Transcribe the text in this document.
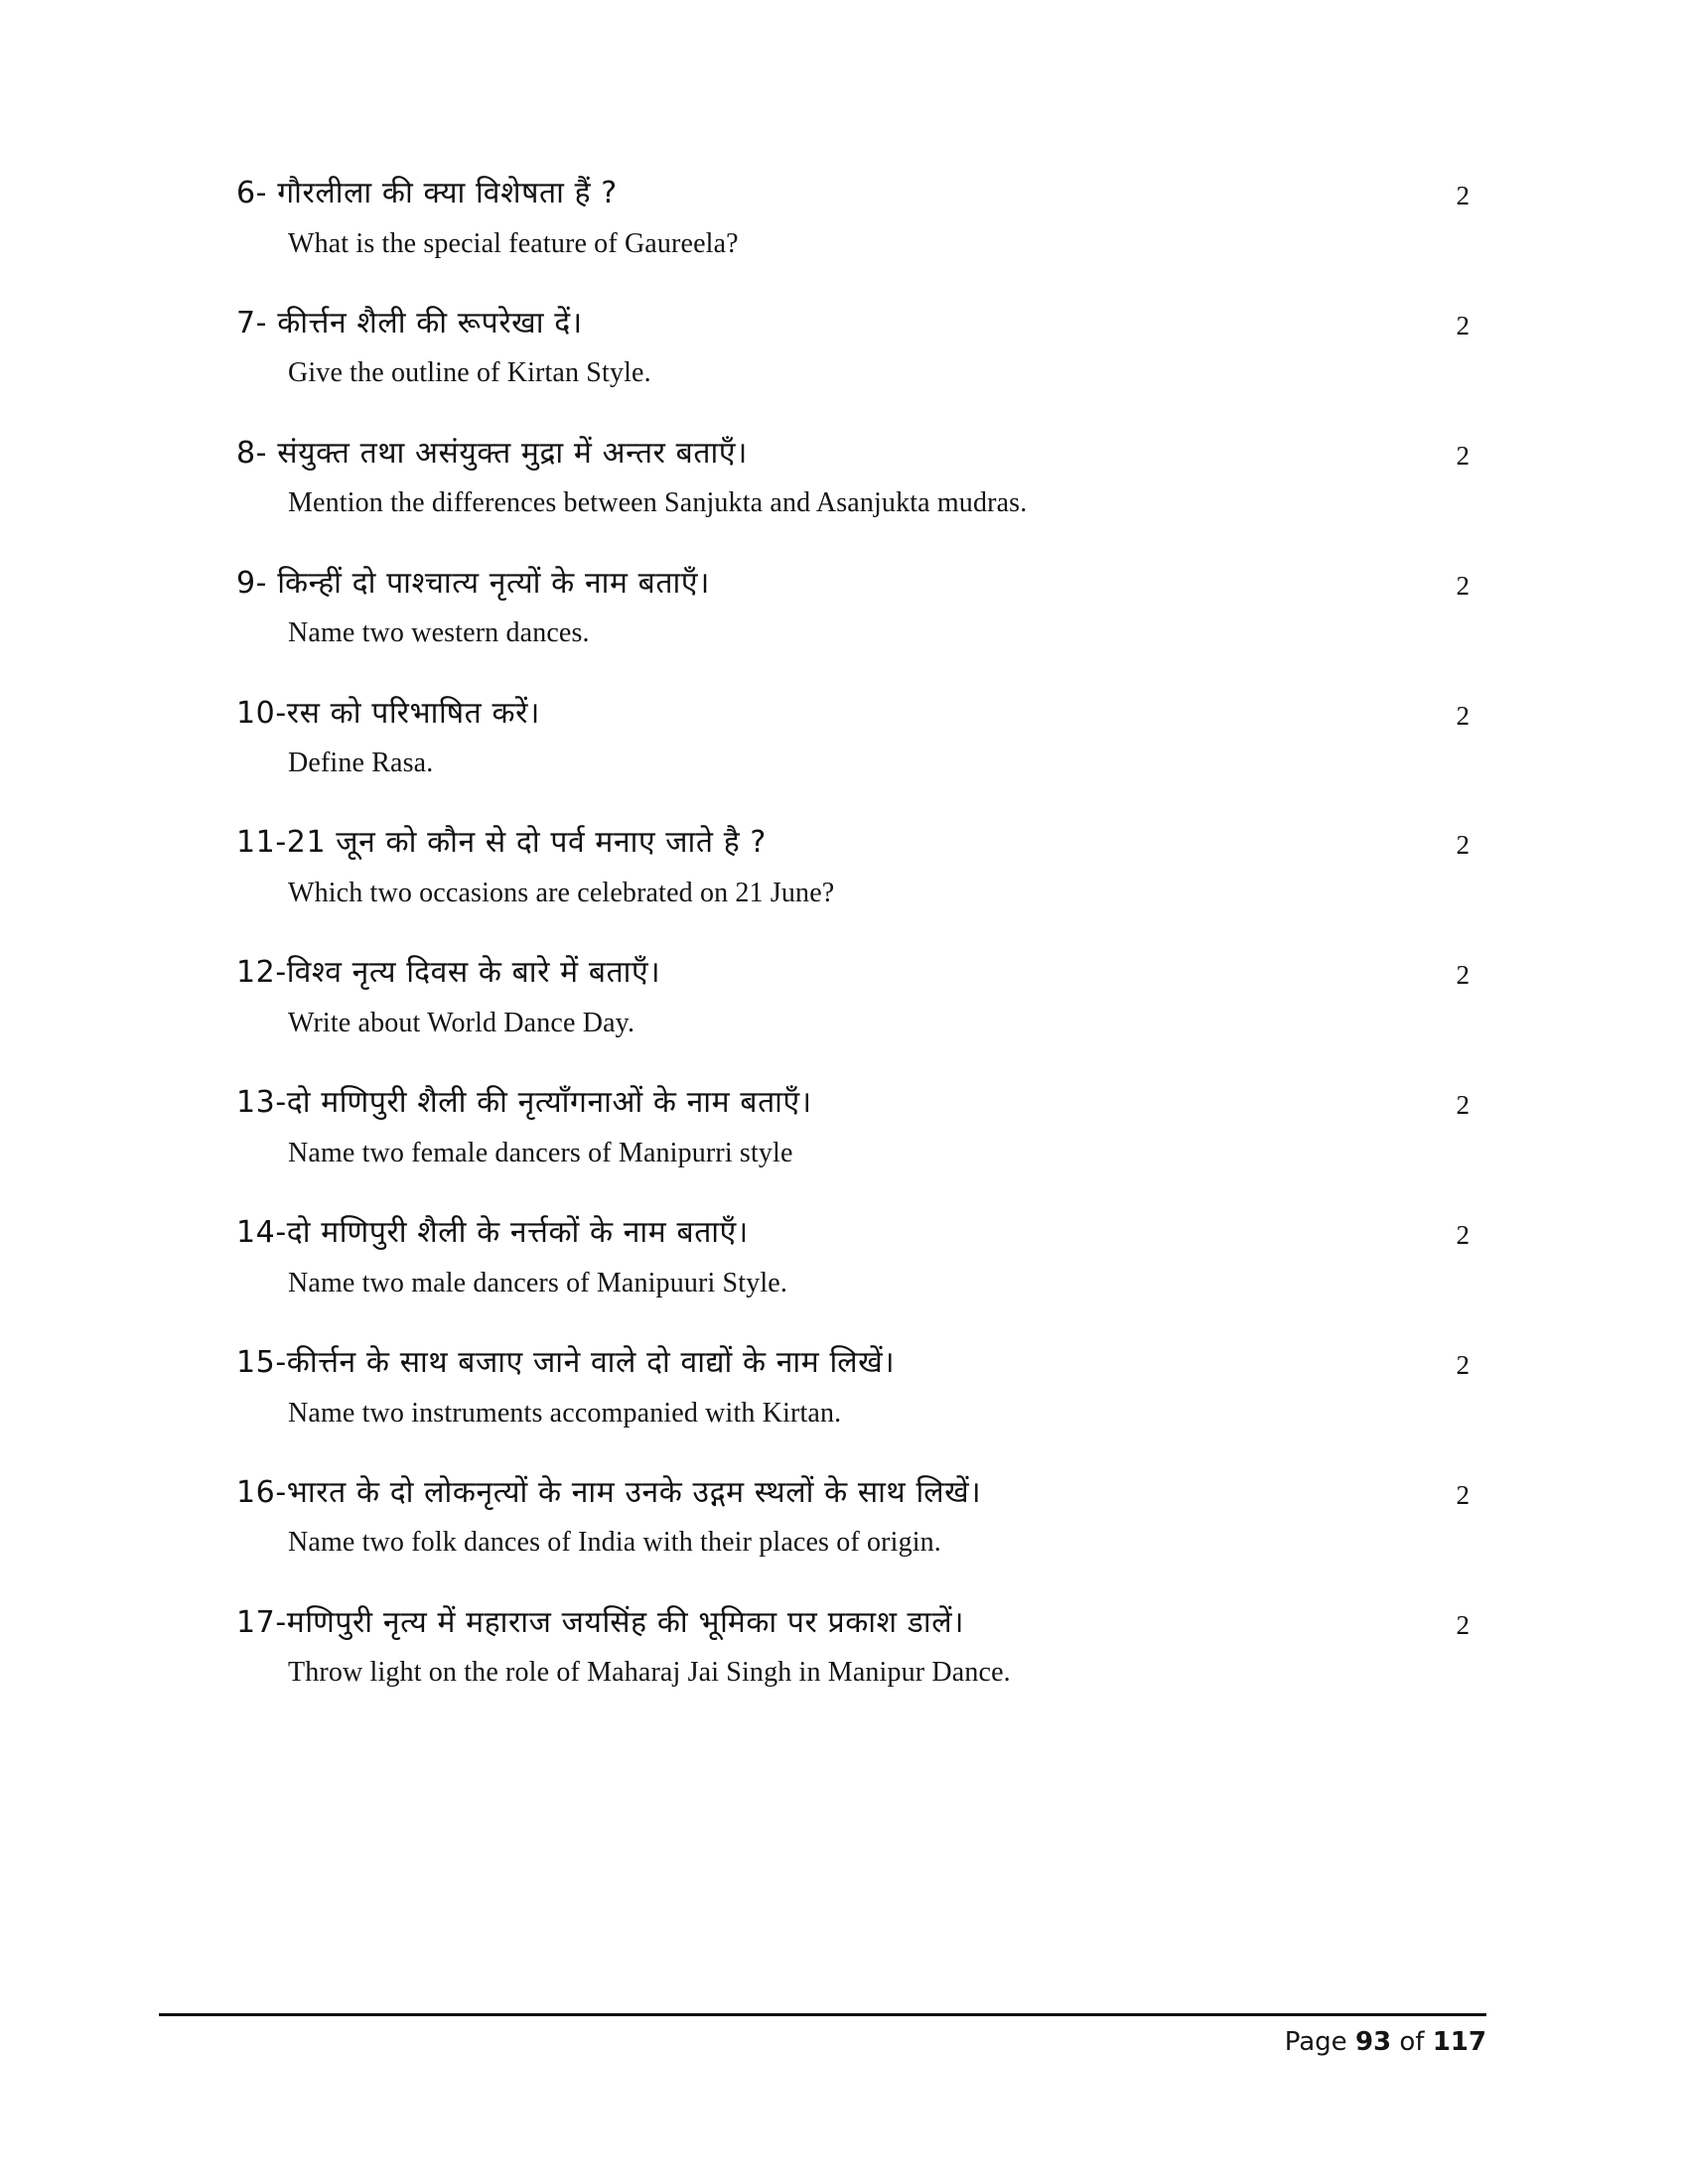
6- गौरलीला की क्या विशेषता हैं ?	2
What is the special feature of Gaureela?
7- कीर्त्तन शैली की रूपरेखा दें।	2
Give the outline of Kirtan Style.
8- संयुक्त तथा असंयुक्त मुद्रा में अन्तर बताएँ।	2
Mention the differences between Sanjukta and Asanjukta mudras.
9- किन्हीं दो पाश्चात्य नृत्यों के नाम बताएँ।	2
Name two western dances.
10-रस को परिभाषित करें।	2
Define Rasa.
11-21 जून को कौन से दो पर्व मनाए जाते है ?	2
Which two occasions are celebrated on 21 June?
12-विश्व नृत्य दिवस के बारे में बताएँ।	2
Write about World Dance Day.
13-दो मणिपुरी शैली की नृत्याँगनाओं के नाम बताएँ।	2
Name two female dancers of Manipurri style
14-दो मणिपुरी शैली के नर्त्तकों के नाम बताएँ।	2
Name two male dancers of Manipuuri Style.
15-कीर्त्तन के साथ बजाए जाने वाले दो वाद्यों के नाम लिखें।	2
Name two instruments accompanied with Kirtan.
16-भारत के दो लोकनृत्यों के नाम उनके उद्गम स्थलों के साथ लिखें।	2
Name two folk dances of India with their places of origin.
17-मणिपुरी नृत्य में महाराज जयसिंह की भूमिका पर प्रकाश डालें।	2
Throw light on the role of Maharaj Jai Singh in Manipur Dance.
Page 93 of 117
